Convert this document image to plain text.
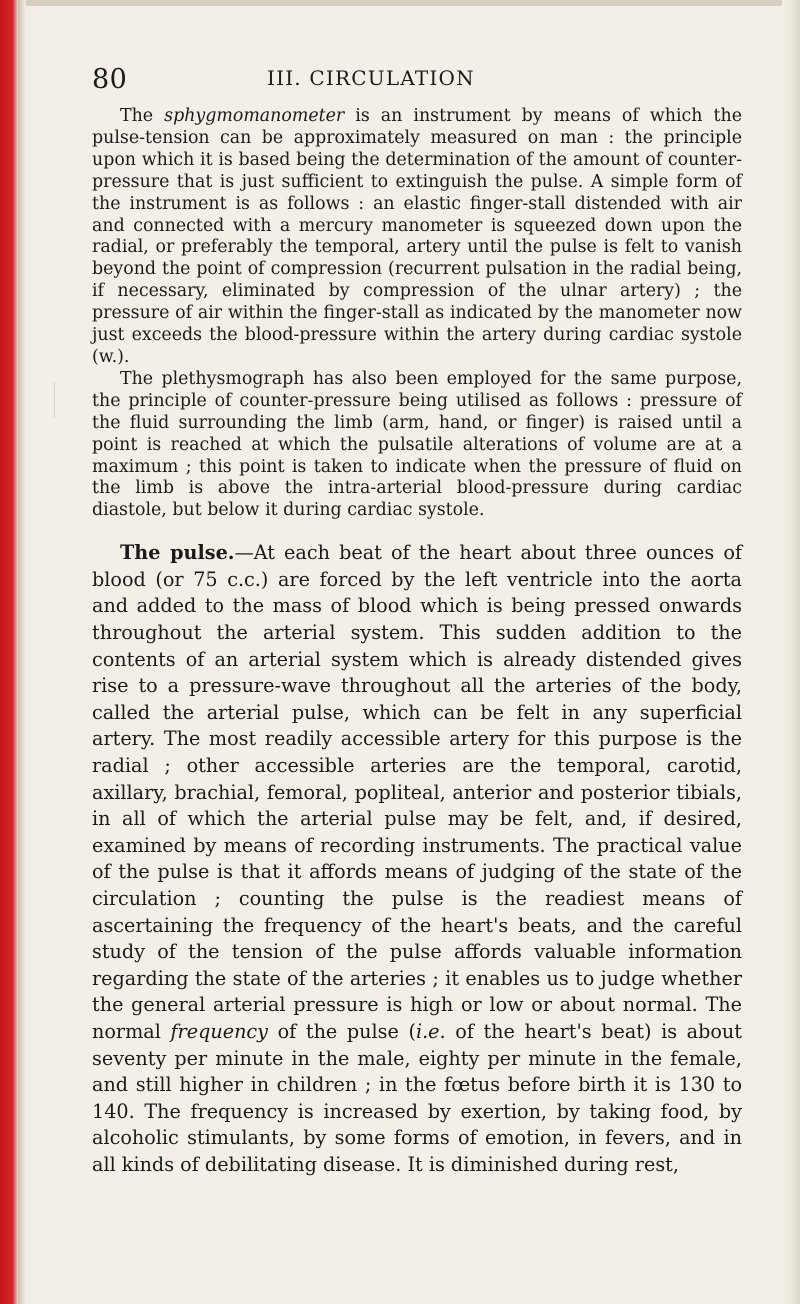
80	III. CIRCULATION

The sphygmomanometer is an instrument by means of which the pulse-tension can be approximately measured on man : the principle upon which it is based being the determination of the amount of counter-pressure that is just sufficient to extinguish the pulse. A simple form of the instrument is as follows : an elastic finger-stall distended with air and connected with a mercury manometer is squeezed down upon the radial, or preferably the temporal, artery until the pulse is felt to vanish beyond the point of compression (recurrent pulsation in the radial being, if necessary, eliminated by compression of the ulnar artery) ; the pressure of air within the finger-stall as indicated by the manometer now just exceeds the blood-pressure within the artery during cardiac systole (w.).

The plethysmograph has also been employed for the same purpose, the principle of counter-pressure being utilised as follows : pressure of the fluid surrounding the limb (arm, hand, or finger) is raised until a point is reached at which the pulsatile alterations of volume are at a maximum ; this point is taken to indicate when the pressure of fluid on the limb is above the intra-arterial blood-pressure during cardiac diastole, but below it during cardiac systole.

The pulse.—At each beat of the heart about three ounces of blood (or 75 c.c.) are forced by the left ventricle into the aorta and added to the mass of blood which is being pressed onwards throughout the arterial system. This sudden addition to the contents of an arterial system which is already distended gives rise to a pressure-wave throughout all the arteries of the body, called the arterial pulse, which can be felt in any superficial artery. The most readily accessible artery for this purpose is the radial ; other accessible arteries are the temporal, carotid, axillary, brachial, femoral, popliteal, anterior and posterior tibials, in all of which the arterial pulse may be felt, and, if desired, examined by means of recording instruments. The practical value of the pulse is that it affords means of judging of the state of the circulation ; counting the pulse is the readiest means of ascertaining the frequency of the heart's beats, and the careful study of the tension of the pulse affords valuable information regarding the state of the arteries ; it enables us to judge whether the general arterial pressure is high or low or about normal. The normal frequency of the pulse (i.e. of the heart's beat) is about seventy per minute in the male, eighty per minute in the female, and still higher in children ; in the fœtus before birth it is 130 to 140. The frequency is increased by exertion, by taking food, by alcoholic stimulants, by some forms of emotion, in fevers, and in all kinds of debilitating disease. It is diminished during rest,
